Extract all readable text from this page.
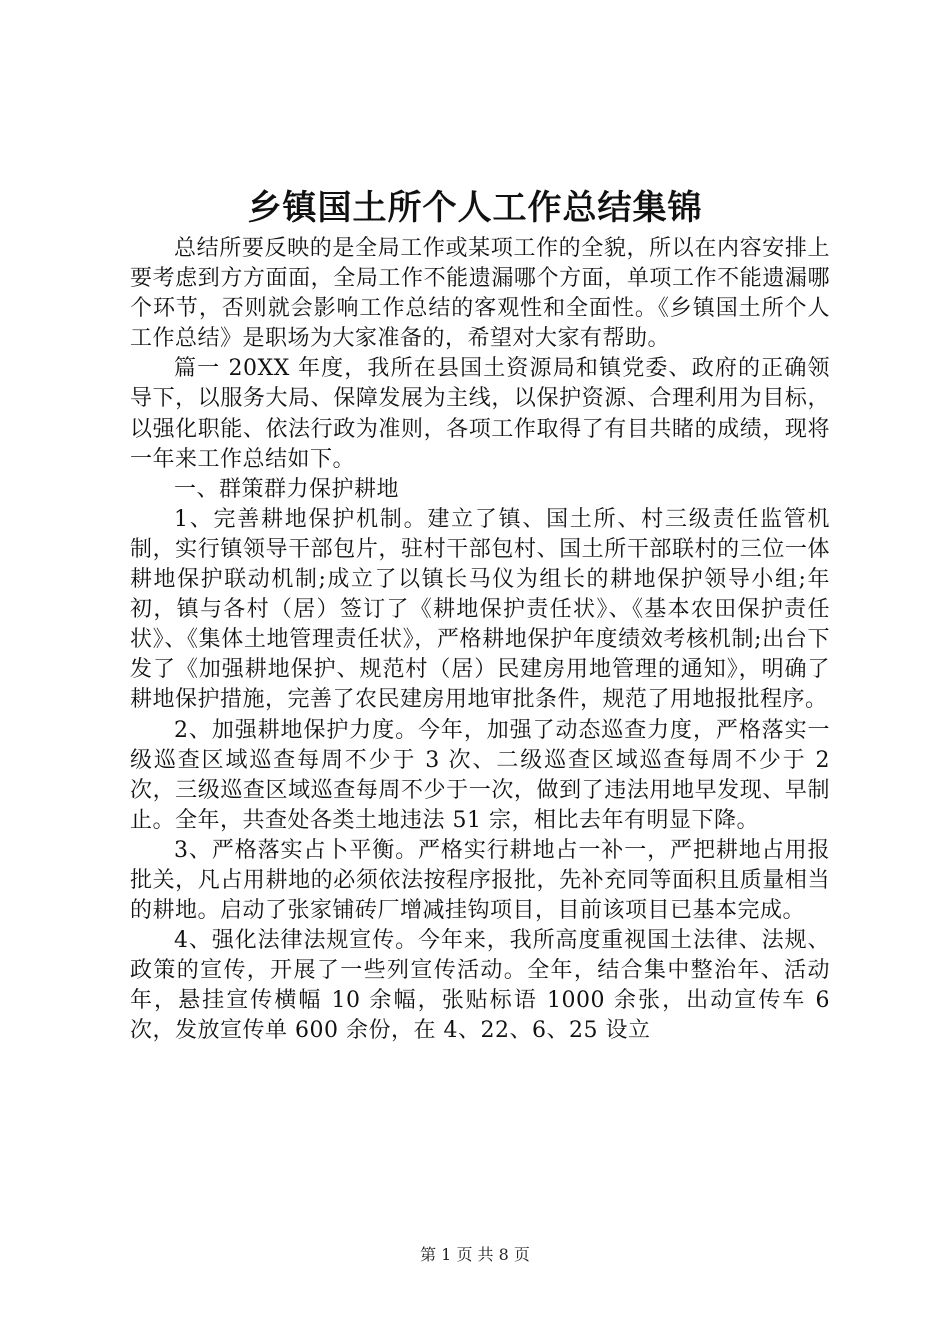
乡镇国土所个人工作总结集锦

总结所要反映的是全局工作或某项工作的全貌，所以在内容安排上要考虑到方方面面，全局工作不能遗漏哪个方面，单项工作不能遗漏哪个环节，否则就会影响工作总结的客观性和全面性。《乡镇国土所个人工作总结》是职场为大家准备的，希望对大家有帮助。

篇一 20XX 年度，我所在县国土资源局和镇党委、政府的正确领导下，以服务大局、保障发展为主线，以保护资源、合理利用为目标，以强化职能、依法行政为准则，各项工作取得了有目共睹的成绩，现将一年来工作总结如下。

一、群策群力保护耕地

1、完善耕地保护机制。建立了镇、国土所、村三级责任监管机制，实行镇领导干部包片，驻村干部包村、国土所干部联村的三位一体耕地保护联动机制;成立了以镇长马仪为组长的耕地保护领导小组;年初，镇与各村（居）签订了《耕地保护责任状》、《基本农田保护责任状》、《集体土地管理责任状》，严格耕地保护年度绩效考核机制;出台下发了《加强耕地保护、规范村（居）民建房用地管理的通知》，明确了耕地保护措施，完善了农民建房用地审批条件，规范了用地报批程序。

2、加强耕地保护力度。今年，加强了动态巡查力度，严格落实一级巡查区域巡查每周不少于 3 次、二级巡查区域巡查每周不少于 2 次，三级巡查区域巡查每周不少于一次，做到了违法用地早发现、早制止。全年，共查处各类土地违法 51 宗，相比去年有明显下降。

3、严格落实占卜平衡。严格实行耕地占一补一，严把耕地占用报批关，凡占用耕地的必须依法按程序报批，先补充同等面积且质量相当的耕地。启动了张家铺砖厂增减挂钩项目，目前该项目已基本完成。

4、强化法律法规宣传。今年来，我所高度重视国土法律、法规、政策的宣传，开展了一些列宣传活动。全年，结合集中整治年、活动年，悬挂宣传横幅 10 余幅，张贴标语 1000 余张，出动宣传车 6 次，发放宣传单 600 余份，在 4、22、6、25 设立

第 1 页 共 8 页
